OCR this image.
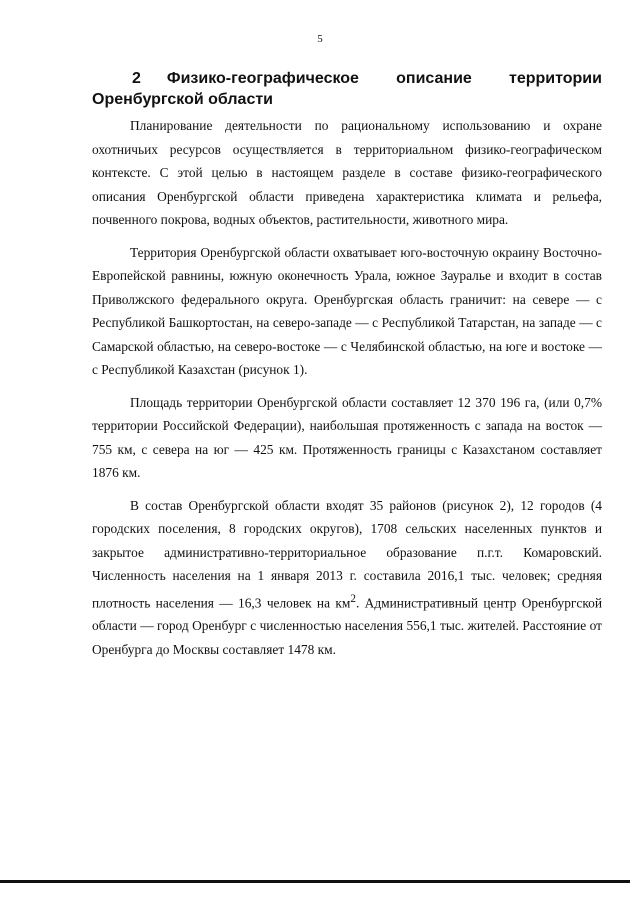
5
2 Физико-географическое описание территории
Оренбургской области

Планирование деятельности по рациональному использованию и охране охотничьих ресурсов осуществляется в территориальном физико-географическом контексте. С этой целью в настоящем разделе в составе физико-географического описания Оренбургской области приведена характеристика климата и рельефа, почвенного покрова, водных объектов, растительности, животного мира.

Территория Оренбургской области охватывает юго-восточную окраину Восточно-Европейской равнины, южную оконечность Урала, южное Зауралье и входит в состав Приволжского федерального округа. Оренбургская область граничит: на севере — с Республикой Башкортостан, на северо-западе — с Республикой Татарстан, на западе — с Самарской областью, на северо-востоке — с Челябинской областью, на юге и востоке — с Республикой Казахстан (рисунок 1).

Площадь территории Оренбургской области составляет 12 370 196 га, (или 0,7% территории Российской Федерации), наибольшая протяженность с запада на восток — 755 км, с севера на юг — 425 км. Протяженность границы с Казахстаном составляет 1876 км.

В состав Оренбургской области входят 35 районов (рисунок 2), 12 городов (4 городских поселения, 8 городских округов), 1708 сельских населенных пунктов и закрытое административно-территориальное образование п.г.т. Комаровский. Численность населения на 1 января 2013 г. составила 2016,1 тыс. человек; средняя плотность населения — 16,3 человек на $км^2$. Административный центр Оренбургской области — город Оренбург с численностью населения 556,1 тыс. жителей. Расстояние от Оренбурга до Москвы составляет 1478 км.
